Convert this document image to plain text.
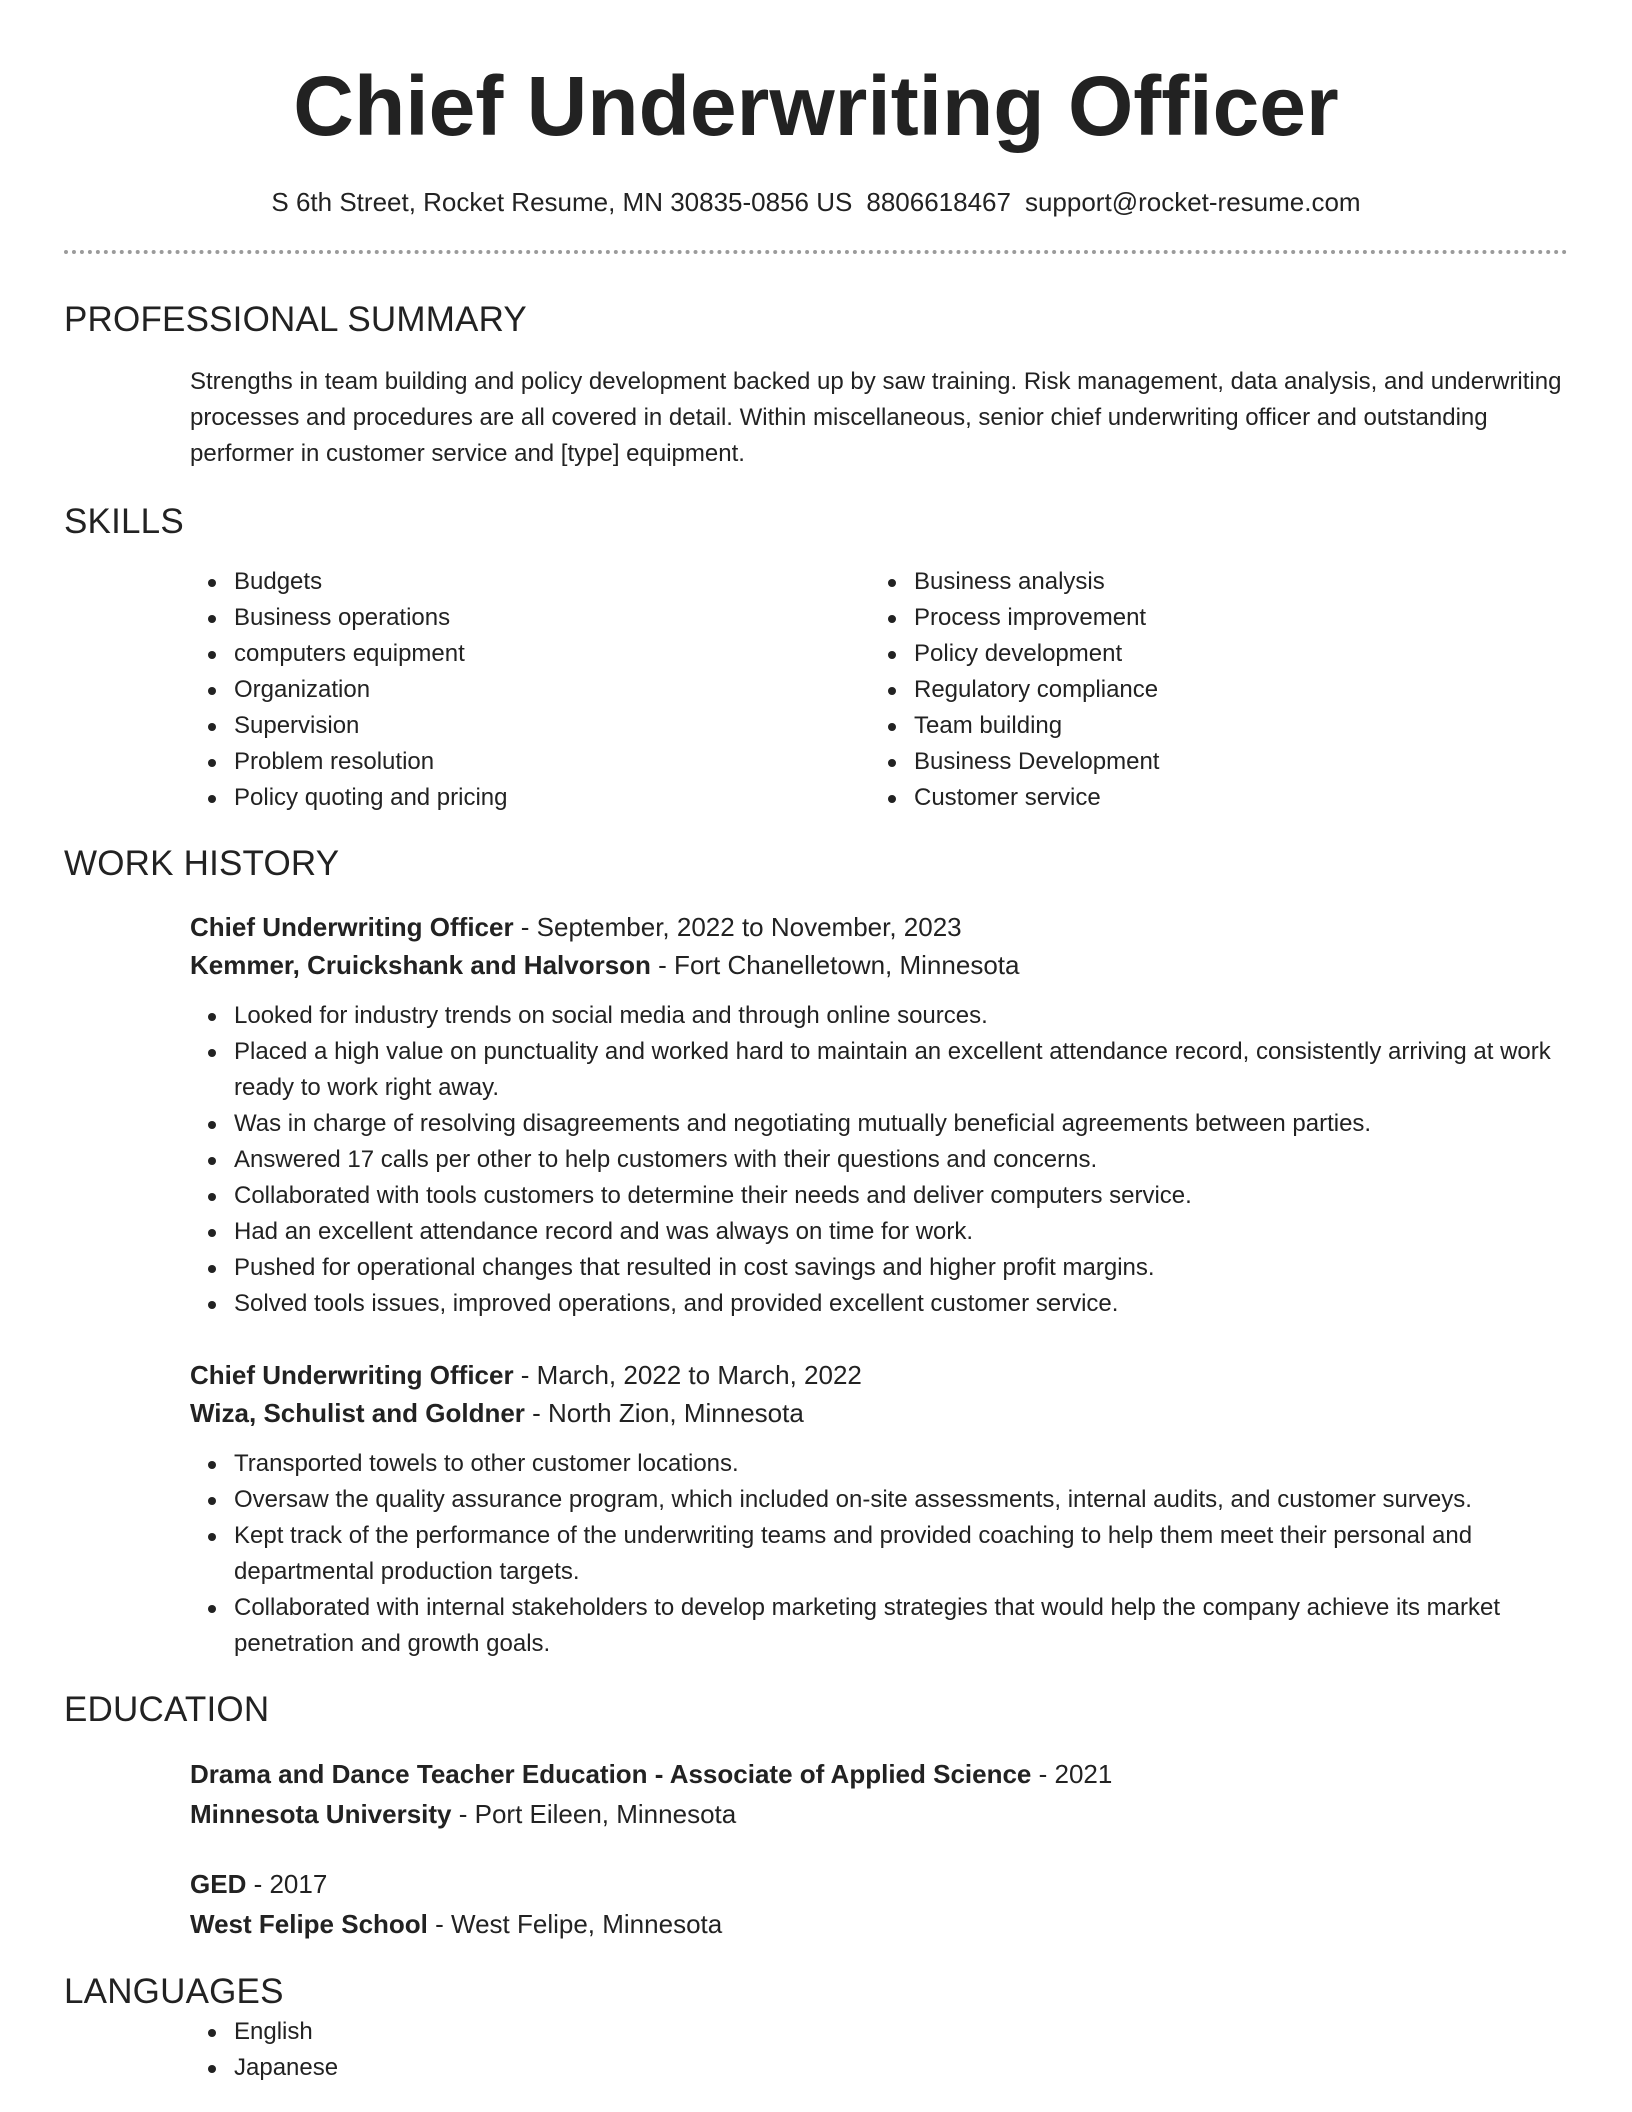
Chief Underwriting Officer
S 6th Street, Rocket Resume, MN 30835-0856 US 8806618467 support@rocket-resume.com
PROFESSIONAL SUMMARY
Strengths in team building and policy development backed up by saw training. Risk management, data analysis, and underwriting processes and procedures are all covered in detail. Within miscellaneous, senior chief underwriting officer and outstanding performer in customer service and [type] equipment.
SKILLS
Budgets
Business operations
computers equipment
Organization
Supervision
Problem resolution
Policy quoting and pricing
Business analysis
Process improvement
Policy development
Regulatory compliance
Team building
Business Development
Customer service
WORK HISTORY
Chief Underwriting Officer - September, 2022 to November, 2023
Kemmer, Cruickshank and Halvorson - Fort Chanelletown, Minnesota
Looked for industry trends on social media and through online sources.
Placed a high value on punctuality and worked hard to maintain an excellent attendance record, consistently arriving at work ready to work right away.
Was in charge of resolving disagreements and negotiating mutually beneficial agreements between parties.
Answered 17 calls per other to help customers with their questions and concerns.
Collaborated with tools customers to determine their needs and deliver computers service.
Had an excellent attendance record and was always on time for work.
Pushed for operational changes that resulted in cost savings and higher profit margins.
Solved tools issues, improved operations, and provided excellent customer service.
Chief Underwriting Officer - March, 2022 to March, 2022
Wiza, Schulist and Goldner - North Zion, Minnesota
Transported towels to other customer locations.
Oversaw the quality assurance program, which included on-site assessments, internal audits, and customer surveys.
Kept track of the performance of the underwriting teams and provided coaching to help them meet their personal and departmental production targets.
Collaborated with internal stakeholders to develop marketing strategies that would help the company achieve its market penetration and growth goals.
EDUCATION
Drama and Dance Teacher Education - Associate of Applied Science - 2021
Minnesota University - Port Eileen, Minnesota
GED - 2017
West Felipe School - West Felipe, Minnesota
LANGUAGES
English
Japanese
